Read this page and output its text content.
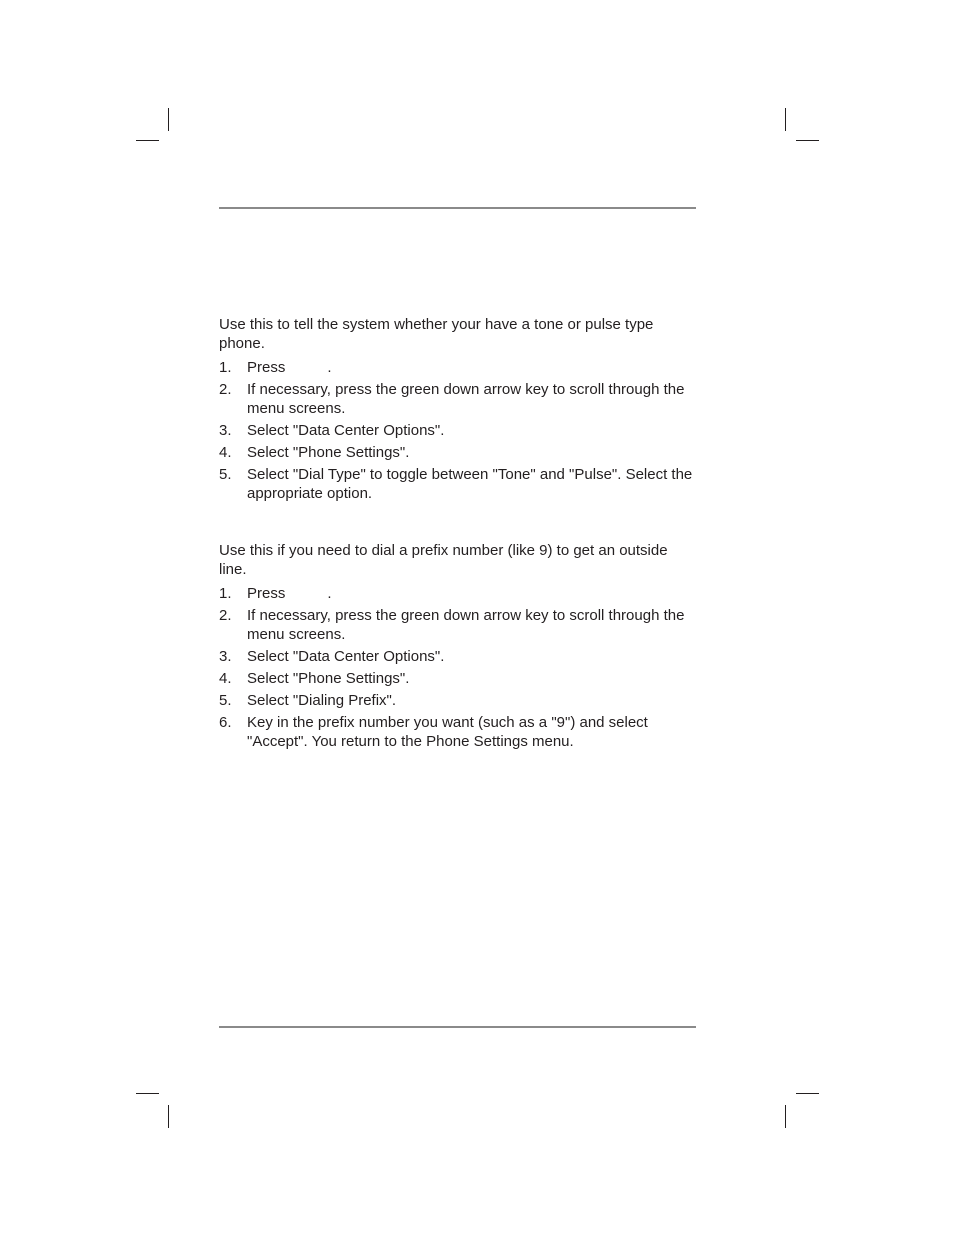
Use this to tell the system whether your have a tone or pulse type phone.

1.	Press	.
2.	If necessary, press the green down arrow key to scroll through the menu screens.
3.	Select "Data Center Options".
4.	Select "Phone Settings".
5.	Select "Dial Type" to toggle between "Tone" and "Pulse". Select the appropriate option.

Use this if you need to dial a prefix number (like 9) to get an outside line.

1.	Press	.
2.	If necessary, press the green down arrow key to scroll through the menu screens.
3.	Select "Data Center Options".
4.	Select "Phone Settings".
5.	Select "Dialing Prefix".
6.	Key in the prefix number you want (such as a "9") and select "Accept". You return to the Phone Settings menu.
